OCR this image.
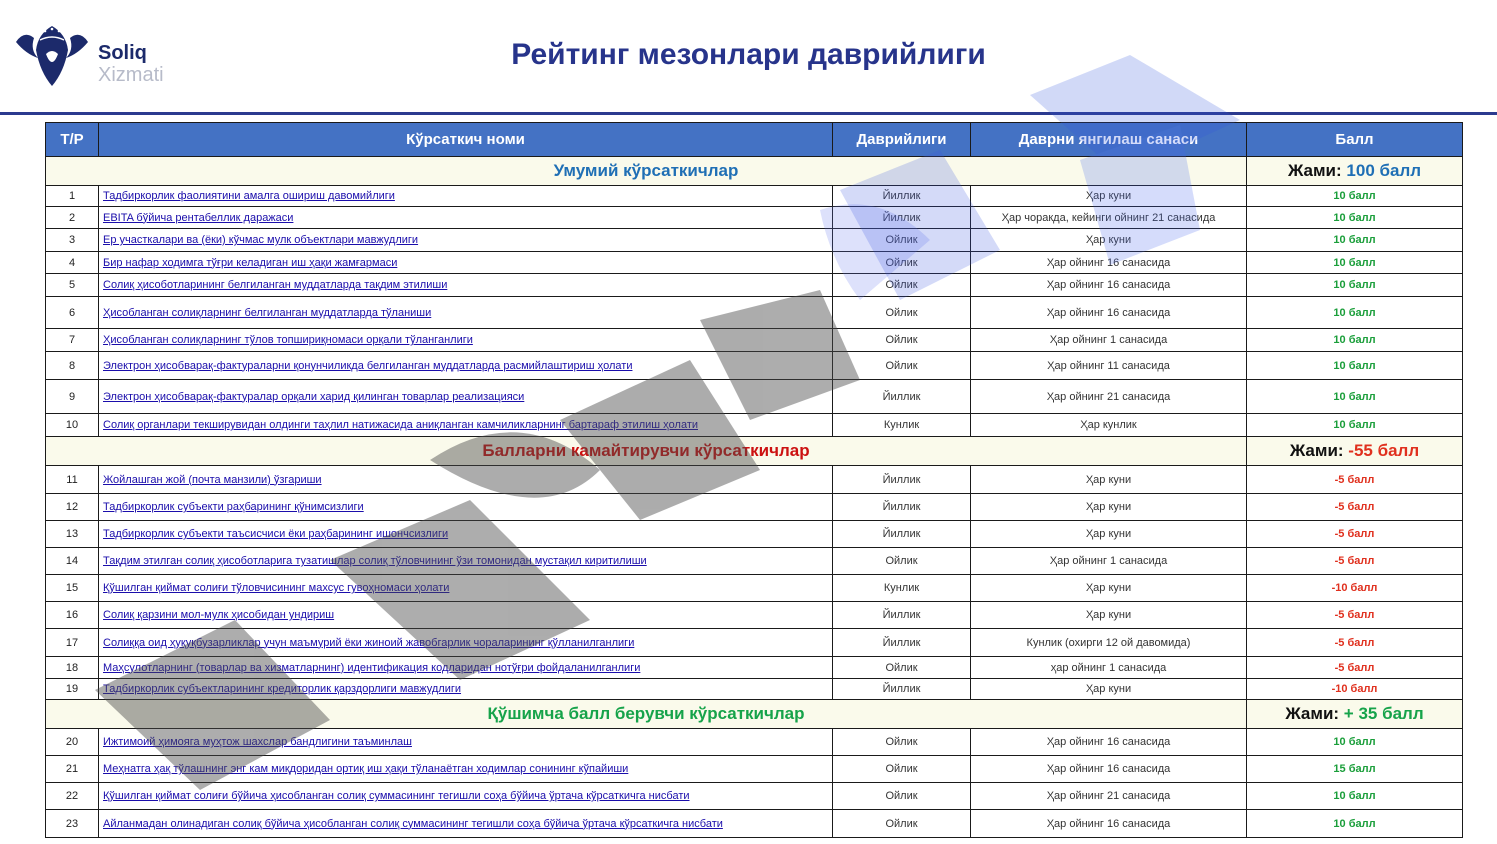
Soliq
Xizmati
Рейтинг мезонлари даврийлиги
Т/Р	Кўрсаткич номи	Даврийлиги	Даврни янгилаш санаси	Балл
Умумий кўрсаткичлар				Жами: 100 балл
1	Тадбиркорлик фаолиятини амалга ошириш давомийлиги	Йиллик	Ҳар куни	10 балл
2	EBITA бўйича рентабеллик даражаси	Йиллик	Ҳар чоракда, кейинги ойнинг 21 санасида	10 балл
3	Ер участкалари ва (ёки) кўчмас мулк объектлари мавжудлиги	Ойлик	Ҳар куни	10 балл
4	Бир нафар ходимга тўғри келадиган иш ҳақи жамғармаси	Ойлик	Ҳар ойнинг 16 санасида	10 балл
5	Солиқ ҳисоботларининг белгиланган муддатларда тақдим этилиши	Ойлик	Ҳар ойнинг 16 санасида	10 балл
6	Ҳисобланган солиқларнинг белгиланган муддатларда тўланиши	Ойлик	Ҳар ойнинг 16 санасида	10 балл
7	Ҳисобланган солиқларнинг тўлов топшириқномаси орқали тўланганлиги	Ойлик	Ҳар ойнинг 1 санасида	10 балл
8	Электрон ҳисобварақ-фактураларни қонунчиликда белгиланган муддатларда расмийлаштириш ҳолати	Ойлик	Ҳар ойнинг 11 санасида	10 балл
9	Электрон ҳисобварақ-фактуралар орқали харид қилинган товарлар реализацияси	Йиллик	Ҳар ойнинг 21 санасида	10 балл
10	Солиқ органлари текширувидан олдинги таҳлил натижасида аниқланган камчиликларнинг бартараф этилиш ҳолати	Кунлик	Ҳар кунлик	10 балл
Балларни камайтирувчи кўрсаткичлар				Жами: -55 балл
11	Жойлашган жой (почта манзили) ўзгариши	Йиллик	Ҳар куни	-5 балл
12	Тадбиркорлик субъекти раҳбарининг қўнимсизлиги	Йиллик	Ҳар куни	-5 балл
13	Тадбиркорлик субъекти таъсисчиси ёки раҳбарининг ишончсизлиги	Йиллик	Ҳар куни	-5 балл
14	Тақдим этилган солиқ ҳисоботларига тузатишлар солиқ тўловчининг ўзи томонидан мустақил киритилиши	Ойлик	Ҳар ойнинг 1 санасида	-5 балл
15	Қўшилган қиймат солиғи тўловчисининг махсус гувоҳномаси ҳолати	Кунлик	Ҳар куни	-10 балл
16	Солиқ қарзини мол-мулк ҳисобидан ундириш	Йиллик	Ҳар куни	-5 балл
17	Солиққа оид ҳуқуқбузарликлар учун маъмурий ёки жиноий жавобгарлик чораларининг қўлланилганлиги	Йиллик	Кунлик (охирги 12 ой давомида)	-5 балл
18	Маҳсулотларнинг (товарлар ва хизматларнинг) идентификация кодларидан нотўғри фойдаланилганлиги	Ойлик	ҳар ойнинг 1 санасида	-5 балл
19	Тадбиркорлик субъектларининг кредиторлик қарздорлиги мавжудлиги	Йиллик	Ҳар куни	-10 балл
Қўшимча балл берувчи кўрсаткичлар				Жами: + 35 балл
20	Ижтимоий ҳимояга муҳтож шахслар бандлигини таъминлаш	Ойлик	Ҳар ойнинг 16 санасида	10 балл
21	Меҳнатга ҳақ тўлашнинг энг кам миқдоридан ортиқ иш ҳақи тўланаётган ходимлар сонининг кўпайиши	Ойлик	Ҳар ойнинг 16 санасида	15 балл
22	Қўшилган қиймат солиғи бўйича ҳисобланган солиқ суммасининг тегишли соҳа бўйича ўртача кўрсаткичга нисбати	Ойлик	Ҳар ойнинг 21 санасида	10 балл
23	Айланмадан олинадиган солиқ бўйича ҳисобланган солиқ суммасининг тегишли соҳа бўйича ўртача кўрсаткичга нисбати	Ойлик	Ҳар ойнинг 16 санасида	10 балл
